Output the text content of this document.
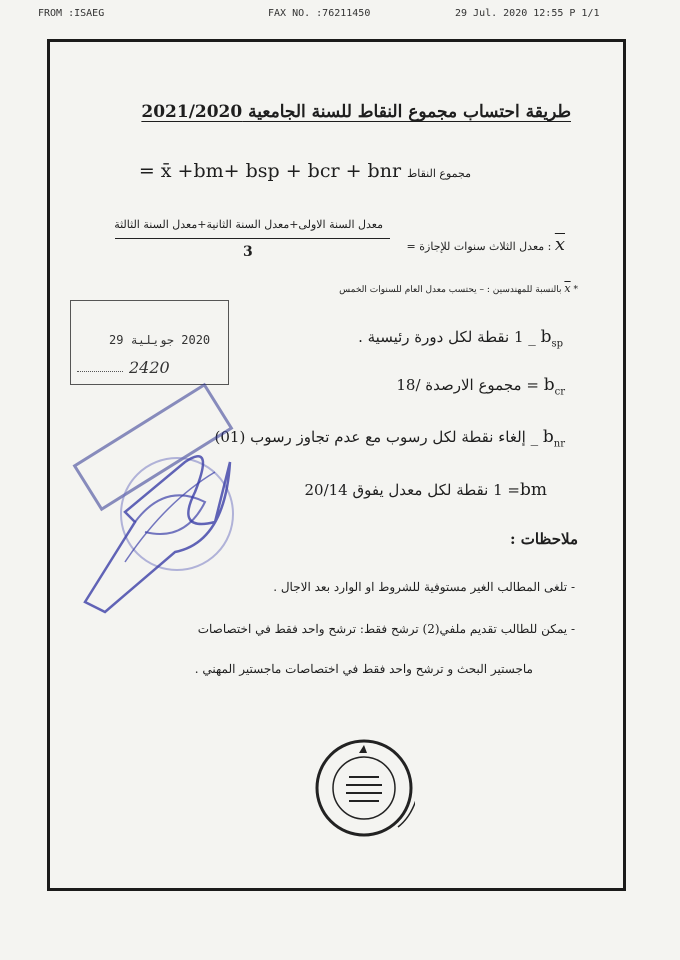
FROM :ISAEG	FAX NO. :76211450	29 Jul. 2020 12:55 P 1/1
طريقة احتساب مجموع النقاط للسنة الجامعية 2021/2020
= x̄ +bm+ bsp + bcr + bnr مجموع النقاط
معدل السنة الاولى+معدل السنة الثانية+معدل السنة الثالثة
3	x : معدل الثلاث سنوات للإجازة =
* x بالنسبة للمهندسين : – يحتسب معدل العام للسنوات الخمس
$b_{sp}$ _ 1 نقطة لكل دورة رئيسية .
$b_{cr}$ = مجموع الارصدة /18
$b_{nr}$ _ إلغاء نقطة لكل رسوب مع عدم تجاوز رسوب (01)
bm= 1 نقطة لكل معدل يفوق 20/14
ملاحظات :
- تلغى المطالب الغير مستوفية للشروط او الوارد بعد الاجال .
- يمكن للطالب تقديم ملفي(2) ترشح فقط: ترشح واحد فقط في اختصاصات
ماجستير البحث و ترشح واحد فقط في اختصاصات ماجستير المهني .
2020 جويلية 29
2420
